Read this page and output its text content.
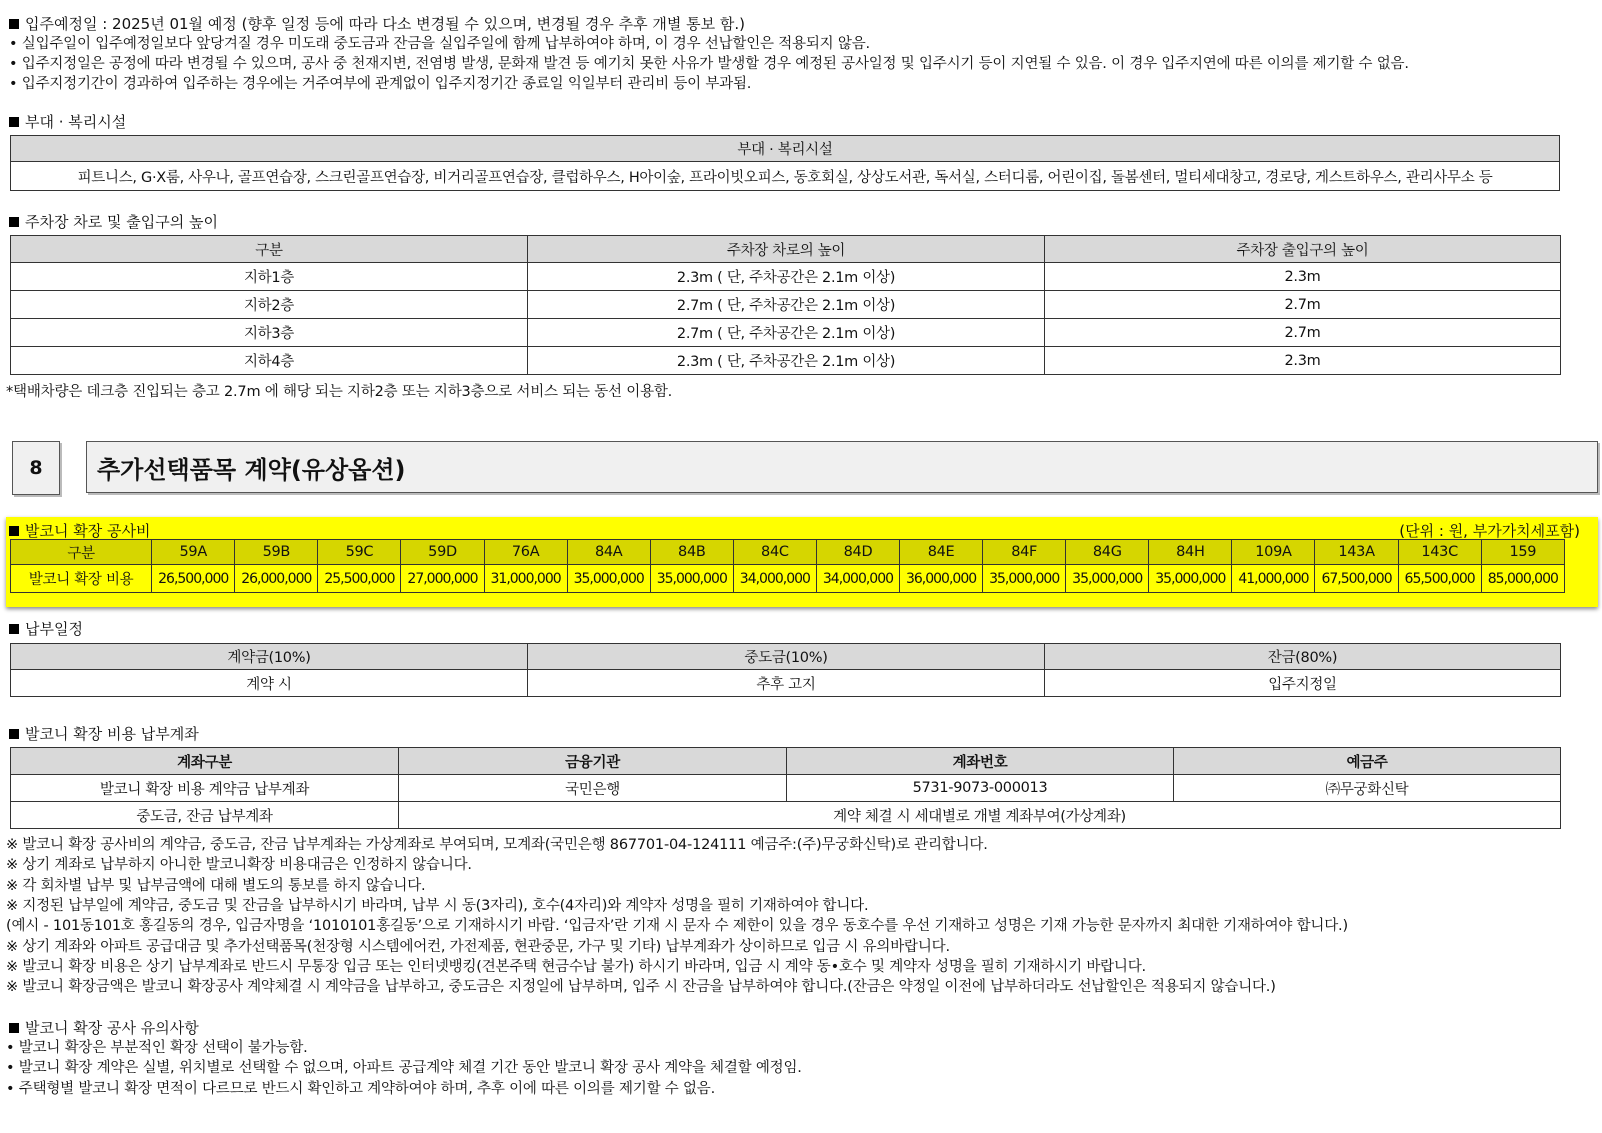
입주예정일 : 2025년 01월 예정 (향후 일정 등에 따라 다소 변경될 수 있으며, 변경될 경우 추후 개별 통보 함.)
• 실입주일이 입주예정일보다 앞당겨질 경우 미도래 중도금과 잔금을 실입주일에 함께 납부하여야 하며, 이 경우 선납할인은 적용되지 않음.
• 입주지정일은 공정에 따라 변경될 수 있으며, 공사 중 천재지변, 전염병 발생, 문화재 발견 등 예기치 못한 사유가 발생할 경우 예정된 공사일정 및 입주시기 등이 지연될 수 있음. 이 경우 입주지연에 따른 이의를 제기할 수 없음.
• 입주지정기간이 경과하여 입주하는 경우에는 거주여부에 관계없이 입주지정기간 종료일 익일부터 관리비 등이 부과됨.
부대 · 복리시설
부대 · 복리시설
피트니스, G·X룸, 사우나, 골프연습장, 스크린골프연습장, 비거리골프연습장, 클럽하우스, H아이숲, 프라이빗오피스, 동호회실, 상상도서관, 독서실, 스터디룸, 어린이집, 돌봄센터, 멀티세대창고, 경로당, 게스트하우스, 관리사무소 등
주차장 차로 및 출입구의 높이
구분	주차장 차로의 높이	주차장 출입구의 높이
지하1층	2.3m ( 단, 주차공간은 2.1m 이상)	2.3m
지하2층	2.7m ( 단, 주차공간은 2.1m 이상)	2.7m
지하3층	2.7m ( 단, 주차공간은 2.1m 이상)	2.7m
지하4층	2.3m ( 단, 주차공간은 2.1m 이상)	2.3m
*택배차량은 데크층 진입되는 층고 2.7m 에 해당 되는 지하2층 또는 지하3층으로 서비스 되는 동선 이용함.
8	추가선택품목 계약(유상옵션)
발코니 확장 공사비	(단위 : 원, 부가가치세포함)
구분	59A	59B	59C	59D	76A	84A	84B	84C	84D	84E	84F	84G	84H	109A	143A	143C	159
발코니 확장 비용	26,500,000	26,000,000	25,500,000	27,000,000	31,000,000	35,000,000	35,000,000	34,000,000	34,000,000	36,000,000	35,000,000	35,000,000	35,000,000	41,000,000	67,500,000	65,500,000	85,000,000
납부일정
계약금(10%)	중도금(10%)	잔금(80%)
계약 시	추후 고지	입주지정일
발코니 확장 비용 납부계좌
계좌구분	금융기관	계좌번호	예금주
발코니 확장 비용 계약금 납부계좌	국민은행	5731-9073-000013	㈜무궁화신탁
중도금, 잔금 납부계좌	계약 체결 시 세대별로 개별 계좌부여(가상계좌)		
※ 발코니 확장 공사비의 계약금, 중도금, 잔금 납부계좌는 가상계좌로 부여되며, 모계좌(국민은행 867701-04-124111 예금주:(주)무궁화신탁)로 관리합니다.
※ 상기 계좌로 납부하지 아니한 발코니확장 비용대금은 인정하지 않습니다.
※ 각 회차별 납부 및 납부금액에 대해 별도의 통보를 하지 않습니다.
※ 지정된 납부일에 계약금, 중도금 및 잔금을 납부하시기 바라며, 납부 시 동(3자리), 호수(4자리)와 계약자 성명을 필히 기재하여야 합니다.
(예시 - 101동101호 홍길동의 경우, 입금자명을 ‘1010101홍길동’으로 기재하시기 바람. ‘입금자’란 기재 시 문자 수 제한이 있을 경우 동호수를 우선 기재하고 성명은 기재 가능한 문자까지 최대한 기재하여야 합니다.)
※ 상기 계좌와 아파트 공급대금 및 추가선택품목(천장형 시스템에어컨, 가전제품, 현관중문, 가구 및 기타) 납부계좌가 상이하므로 입금 시 유의바랍니다.
※ 발코니 확장 비용은 상기 납부계좌로 반드시 무통장 입금 또는 인터넷뱅킹(견본주택 현금수납 불가) 하시기 바라며, 입금 시 계약 동•호수 및 계약자 성명을 필히 기재하시기 바랍니다.
※ 발코니 확장금액은 발코니 확장공사 계약체결 시 계약금을 납부하고, 중도금은 지정일에 납부하며, 입주 시 잔금을 납부하여야 합니다.(잔금은 약정일 이전에 납부하더라도 선납할인은 적용되지 않습니다.)
발코니 확장 공사 유의사항
• 발코니 확장은 부분적인 확장 선택이 불가능함.
• 발코니 확장 계약은 실별, 위치별로 선택할 수 없으며, 아파트 공급계약 체결 기간 동안 발코니 확장 공사 계약을 체결할 예정임.
• 주택형별 발코니 확장 면적이 다르므로 반드시 확인하고 계약하여야 하며, 추후 이에 따른 이의를 제기할 수 없음.
